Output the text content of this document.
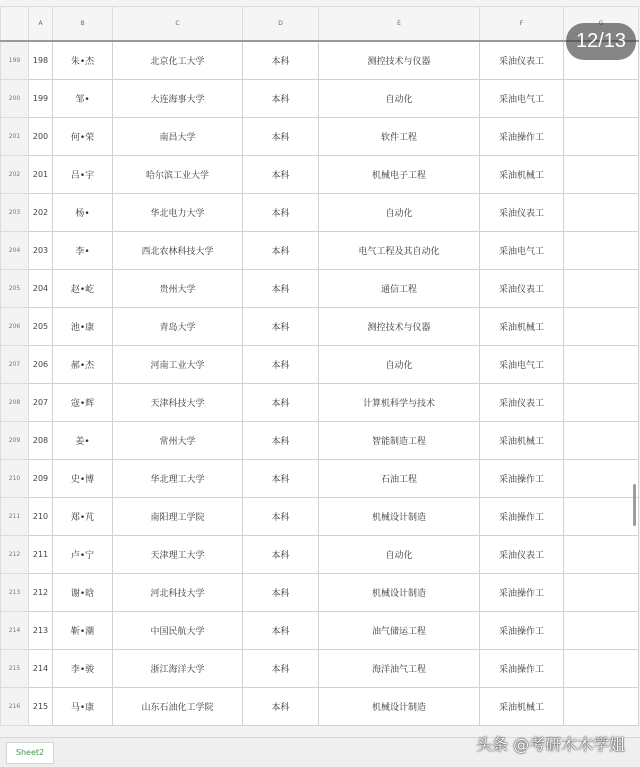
	A	B	C	D	E	F	
199	198	朱•杰	北京化工大学	本科	测控技术与仪器	采油仪表工	
200	199	邹•	大连海事大学	本科	自动化	采油电气工	
201	200	何•荣	南昌大学	本科	软件工程	采油操作工	
202	201	吕•宇	哈尔滨工业大学	本科	机械电子工程	采油机械工	
203	202	杨•	华北电力大学	本科	自动化	采油仪表工	
204	203	李•	西北农林科技大学	本科	电气工程及其自动化	采油电气工	
205	204	赵•屹	贵州大学	本科	通信工程	采油仪表工	
206	205	池•康	青岛大学	本科	测控技术与仪器	采油机械工	
207	206	郝•杰	河南工业大学	本科	自动化	采油电气工	
208	207	寇•辉	天津科技大学	本科	计算机科学与技术	采油仪表工	
209	208	姜•	常州大学	本科	智能制造工程	采油机械工	
210	209	史•博	华北理工大学	本科	石油工程	采油操作工	
211	210	郑•芃	南阳理工学院	本科	机械设计制造	采油操作工	
212	211	卢•宁	天津理工大学	本科	自动化	采油仪表工	
213	212	谢•晗	河北科技大学	本科	机械设计制造	采油操作工	
214	213	靳•潮	中国民航大学	本科	油气储运工程	采油操作工	
215	214	李•骏	浙江海洋大学	本科	海洋油气工程	采油操作工	
216	215	马•康	山东石油化工学院	本科	机械设计制造	采油机械工	
12/13
Sheet2	头条 @考研木木学姐
